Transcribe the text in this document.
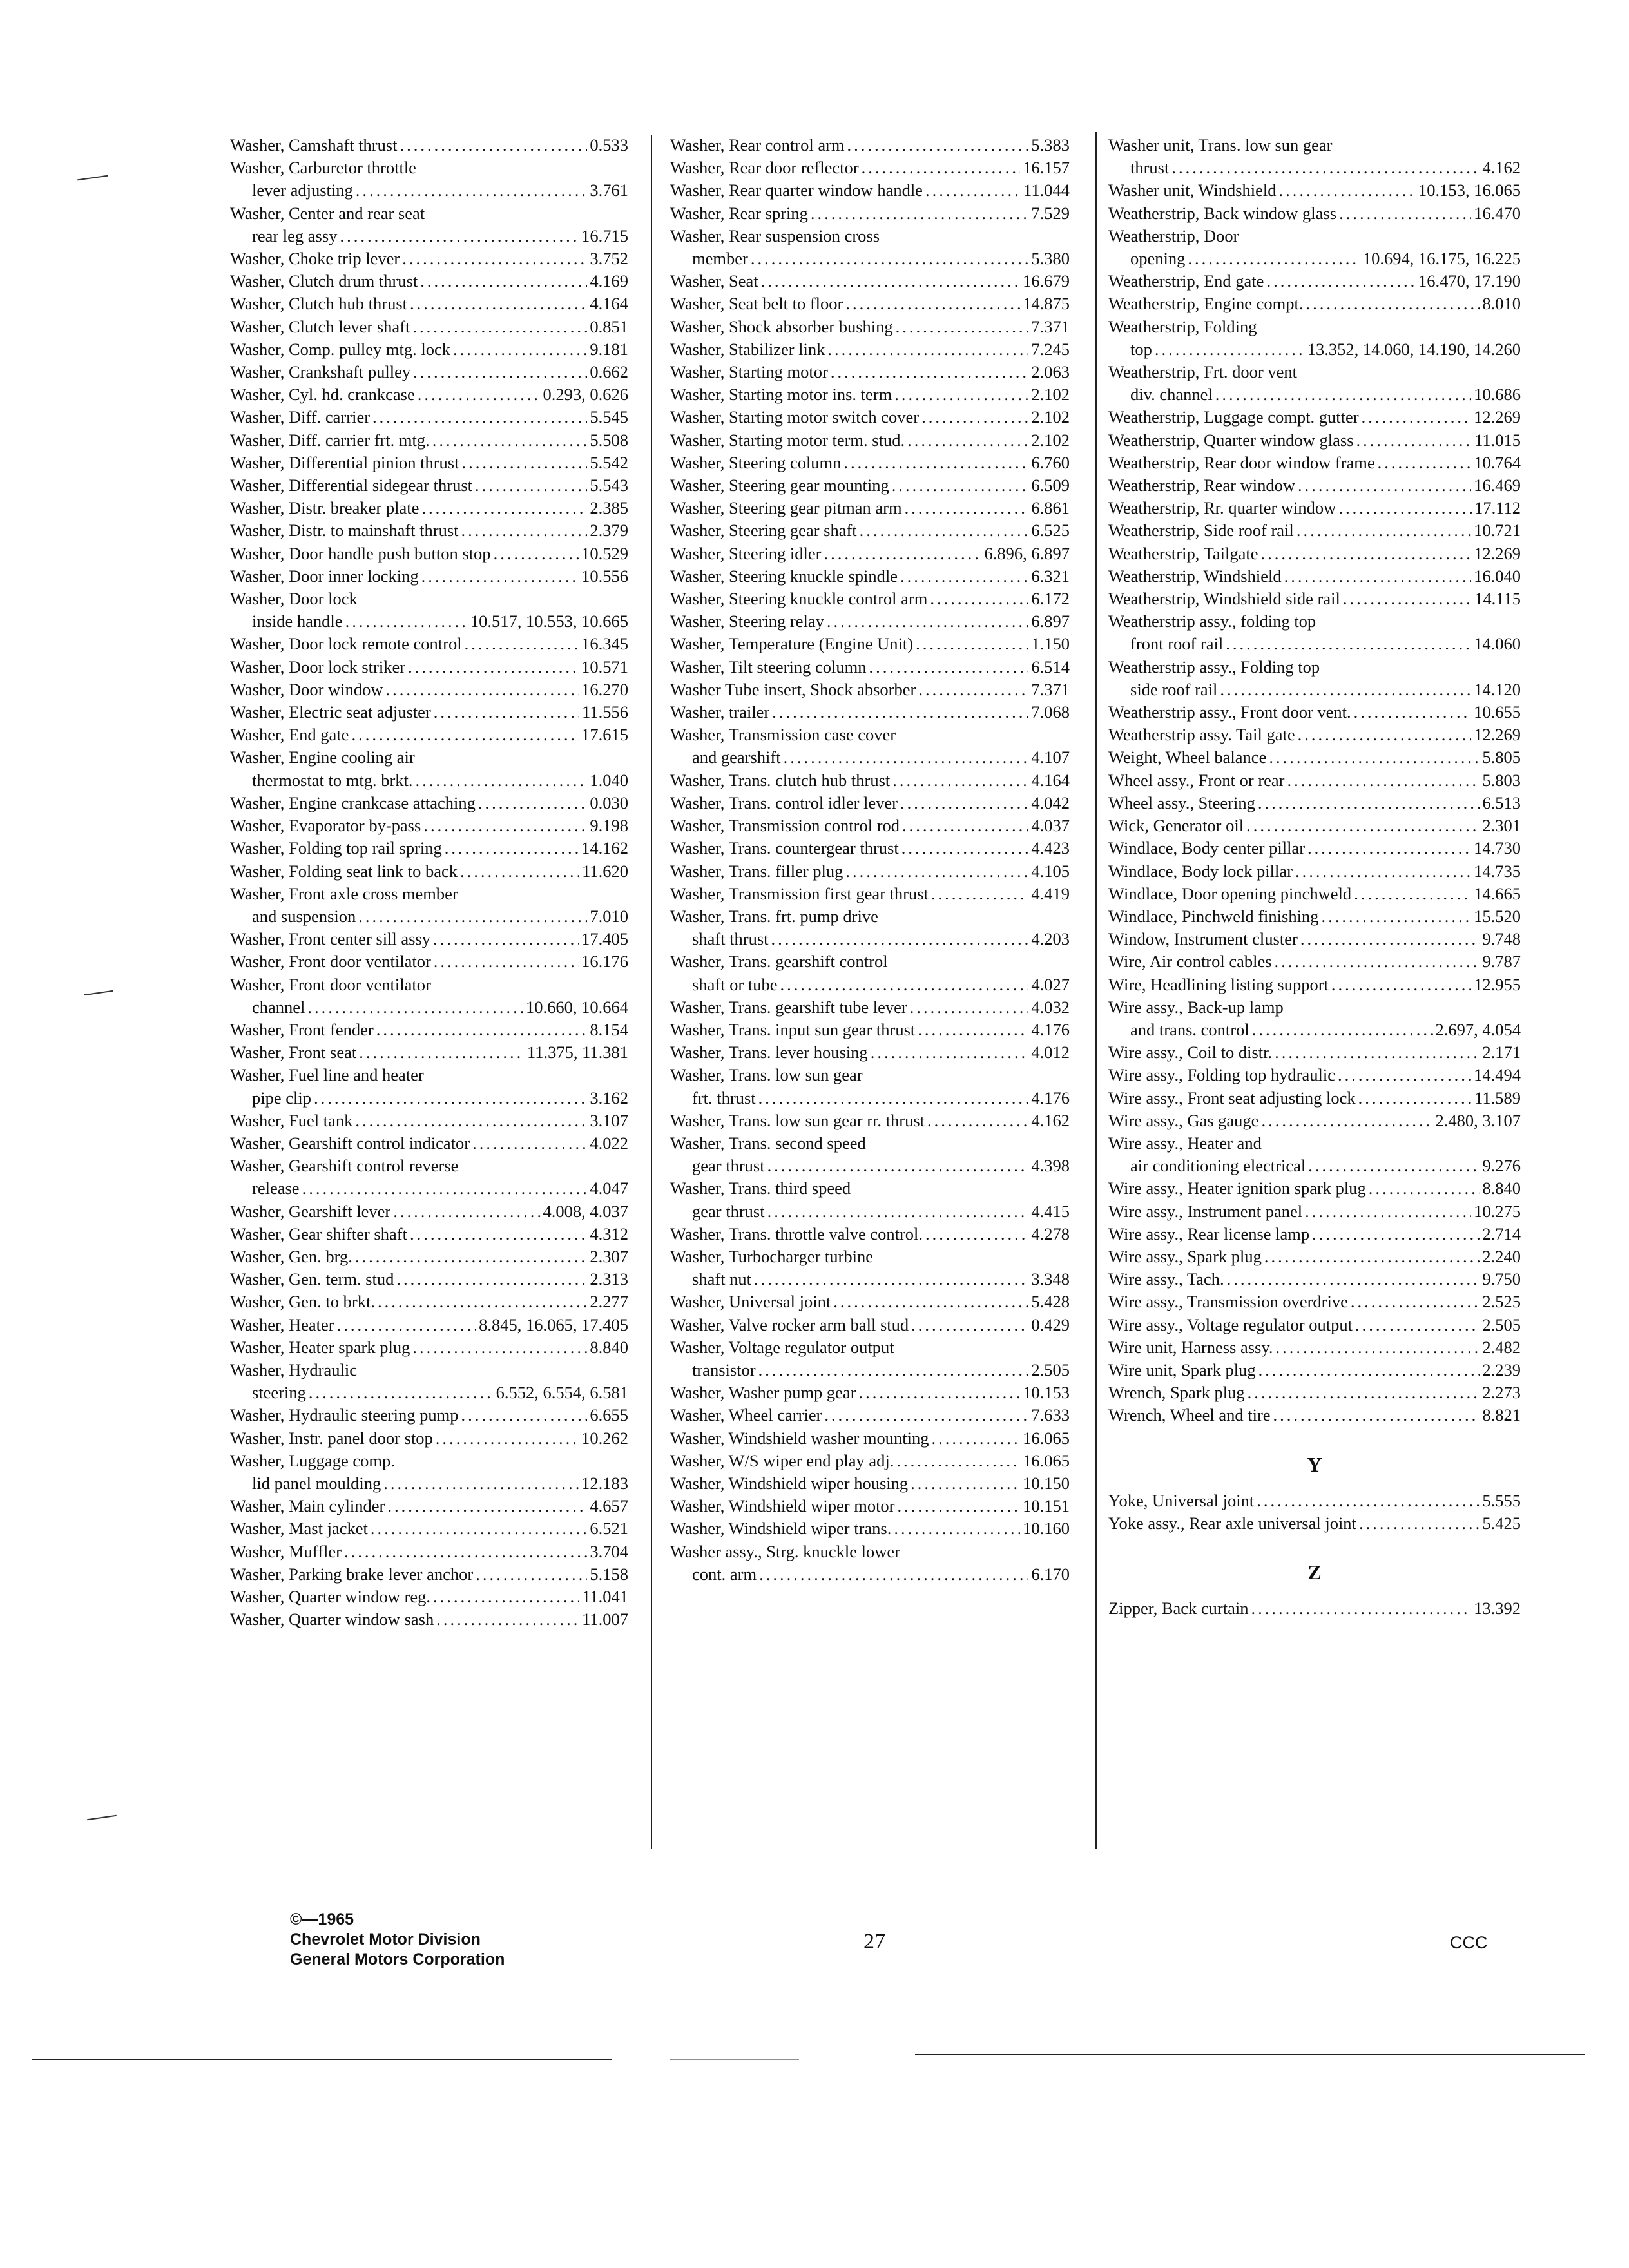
Washer, Camshaft thrust .....	0.533
Washer, Carburetor throttle
lever adjusting .....	3.761
Washer, Center and rear seat
rear leg assy .....	16.715
Washer, Choke trip lever .....	3.752
Washer, Clutch drum thrust .....	4.169
Washer, Clutch hub thrust .....	4.164
Washer, Clutch lever shaft .....	0.851
Washer, Comp. pulley mtg. lock .....	9.181
Washer, Crankshaft pulley .....	0.662
Washer, Cyl. hd. crankcase .....	0.293, 0.626
Washer, Diff. carrier .....	5.545
Washer, Diff. carrier frt. mtg. .....	5.508
Washer, Differential pinion thrust .....	5.542
Washer, Differential sidegear thrust .....	5.543
Washer, Distr. breaker plate .....	2.385
Washer, Distr. to mainshaft thrust .....	2.379
Washer, Door handle push button stop .....	10.529
Washer, Door inner locking .....	10.556
Washer, Door lock
inside handle .....	10.517, 10.553, 10.665
Washer, Door lock remote control .....	16.345
Washer, Door lock striker .....	10.571
Washer, Door window .....	16.270
Washer, Electric seat adjuster .....	11.556
Washer, End gate .....	17.615
Washer, Engine cooling air
thermostat to mtg. brkt. .....	1.040
Washer, Engine crankcase attaching .....	0.030
Washer, Evaporator by-pass .....	9.198
Washer, Folding top rail spring .....	14.162
Washer, Folding seat link to back .....	11.620
Washer, Front axle cross member
and suspension .....	7.010
Washer, Front center sill assy .....	17.405
Washer, Front door ventilator .....	16.176
Washer, Front door ventilator
channel .....	10.660, 10.664
Washer, Front fender .....	8.154
Washer, Front seat .....	11.375, 11.381
Washer, Fuel line and heater
pipe clip .....	3.162
Washer, Fuel tank .....	3.107
Washer, Gearshift control indicator .....	4.022
Washer, Gearshift control reverse
release .....	4.047
Washer, Gearshift lever .....	4.008, 4.037
Washer, Gear shifter shaft .....	4.312
Washer, Gen. brg. .....	2.307
Washer, Gen. term. stud .....	2.313
Washer, Gen. to brkt. .....	2.277
Washer, Heater .....	8.845, 16.065, 17.405
Washer, Heater spark plug .....	8.840
Washer, Hydraulic
steering .....	6.552, 6.554, 6.581
Washer, Hydraulic steering pump .....	6.655
Washer, Instr. panel door stop .....	10.262
Washer, Luggage comp.
lid panel moulding .....	12.183
Washer, Main cylinder .....	4.657
Washer, Mast jacket .....	6.521
Washer, Muffler .....	3.704
Washer, Parking brake lever anchor .....	5.158
Washer, Quarter window reg. .....	11.041
Washer, Quarter window sash .....	11.007
Washer, Rear control arm .....	5.383
Washer, Rear door reflector .....	16.157
Washer, Rear quarter window handle .....	11.044
Washer, Rear spring .....	7.529
Washer, Rear suspension cross
member .....	5.380
Washer, Seat .....	16.679
Washer, Seat belt to floor .....	14.875
Washer, Shock absorber bushing .....	7.371
Washer, Stabilizer link .....	7.245
Washer, Starting motor .....	2.063
Washer, Starting motor ins. term .....	2.102
Washer, Starting motor switch cover .....	2.102
Washer, Starting motor term. stud. .....	2.102
Washer, Steering column .....	6.760
Washer, Steering gear mounting .....	6.509
Washer, Steering gear pitman arm .....	6.861
Washer, Steering gear shaft .....	6.525
Washer, Steering idler .....	6.896, 6.897
Washer, Steering knuckle spindle .....	6.321
Washer, Steering knuckle control arm .....	6.172
Washer, Steering relay .....	6.897
Washer, Temperature (Engine Unit) .....	1.150
Washer, Tilt steering column .....	6.514
Washer Tube insert, Shock absorber .....	7.371
Washer, trailer .....	7.068
Washer, Transmission case cover
and gearshift .....	4.107
Washer, Trans. clutch hub thrust .....	4.164
Washer, Trans. control idler lever .....	4.042
Washer, Transmission control rod .....	4.037
Washer, Trans. countergear thrust .....	4.423
Washer, Trans. filler plug .....	4.105
Washer, Transmission first gear thrust .....	4.419
Washer, Trans. frt. pump drive
shaft thrust .....	4.203
Washer, Trans. gearshift control
shaft or tube .....	4.027
Washer, Trans. gearshift tube lever .....	4.032
Washer, Trans. input sun gear thrust .....	4.176
Washer, Trans. lever housing .....	4.012
Washer, Trans. low sun gear
frt. thrust .....	4.176
Washer, Trans. low sun gear rr. thrust .....	4.162
Washer, Trans. second speed
gear thrust .....	4.398
Washer, Trans. third speed
gear thrust .....	4.415
Washer, Trans. throttle valve control. .....	4.278
Washer, Turbocharger turbine
shaft nut .....	3.348
Washer, Universal joint .....	5.428
Washer, Valve rocker arm ball stud .....	0.429
Washer, Voltage regulator output
transistor .....	2.505
Washer, Washer pump gear .....	10.153
Washer, Wheel carrier .....	7.633
Washer, Windshield washer mounting .....	16.065
Washer, W/S wiper end play adj. .....	16.065
Washer, Windshield wiper housing .....	10.150
Washer, Windshield wiper motor .....	10.151
Washer, Windshield wiper trans. .....	10.160
Washer assy., Strg. knuckle lower
cont. arm .....	6.170
Washer unit, Trans. low sun gear
thrust .....	4.162
Washer unit, Windshield .....	10.153, 16.065
Weatherstrip, Back window glass .....	16.470
Weatherstrip, Door
opening .....	10.694, 16.175, 16.225
Weatherstrip, End gate .....	16.470, 17.190
Weatherstrip, Engine compt. .....	8.010
Weatherstrip, Folding
top .....	13.352, 14.060, 14.190, 14.260
Weatherstrip, Frt. door vent
div. channel .....	10.686
Weatherstrip, Luggage compt. gutter .....	12.269
Weatherstrip, Quarter window glass .....	11.015
Weatherstrip, Rear door window frame .....	10.764
Weatherstrip, Rear window .....	16.469
Weatherstrip, Rr. quarter window .....	17.112
Weatherstrip, Side roof rail .....	10.721
Weatherstrip, Tailgate .....	12.269
Weatherstrip, Windshield .....	16.040
Weatherstrip, Windshield side rail .....	14.115
Weatherstrip assy., folding top
front roof rail .....	14.060
Weatherstrip assy., Folding top
side roof rail .....	14.120
Weatherstrip assy., Front door vent. .....	10.655
Weatherstrip assy. Tail gate .....	12.269
Weight, Wheel balance .....	5.805
Wheel assy., Front or rear .....	5.803
Wheel assy., Steering .....	6.513
Wick, Generator oil .....	2.301
Windlace, Body center pillar .....	14.730
Windlace, Body lock pillar .....	14.735
Windlace, Door opening pinchweld .....	14.665
Windlace, Pinchweld finishing .....	15.520
Window, Instrument cluster .....	9.748
Wire, Air control cables .....	9.787
Wire, Headlining listing support .....	12.955
Wire assy., Back-up lamp
and trans. control .....	2.697, 4.054
Wire assy., Coil to distr. .....	2.171
Wire assy., Folding top hydraulic .....	14.494
Wire assy., Front seat adjusting lock .....	11.589
Wire assy., Gas gauge .....	2.480, 3.107
Wire assy., Heater and
air conditioning electrical .....	9.276
Wire assy., Heater ignition spark plug .....	8.840
Wire assy., Instrument panel .....	10.275
Wire assy., Rear license lamp .....	2.714
Wire assy., Spark plug .....	2.240
Wire assy., Tach. .....	9.750
Wire assy., Transmission overdrive .....	2.525
Wire assy., Voltage regulator output .....	2.505
Wire unit, Harness assy. .....	2.482
Wire unit, Spark plug .....	2.239
Wrench, Spark plug .....	2.273
Wrench, Wheel and tire .....	8.821
Y
Yoke, Universal joint .....	5.555
Yoke assy., Rear axle universal joint .....	5.425
Z
Zipper, Back curtain .....	13.392
©—1965
Chevrolet Motor Division
General Motors Corporation
27	CCC
